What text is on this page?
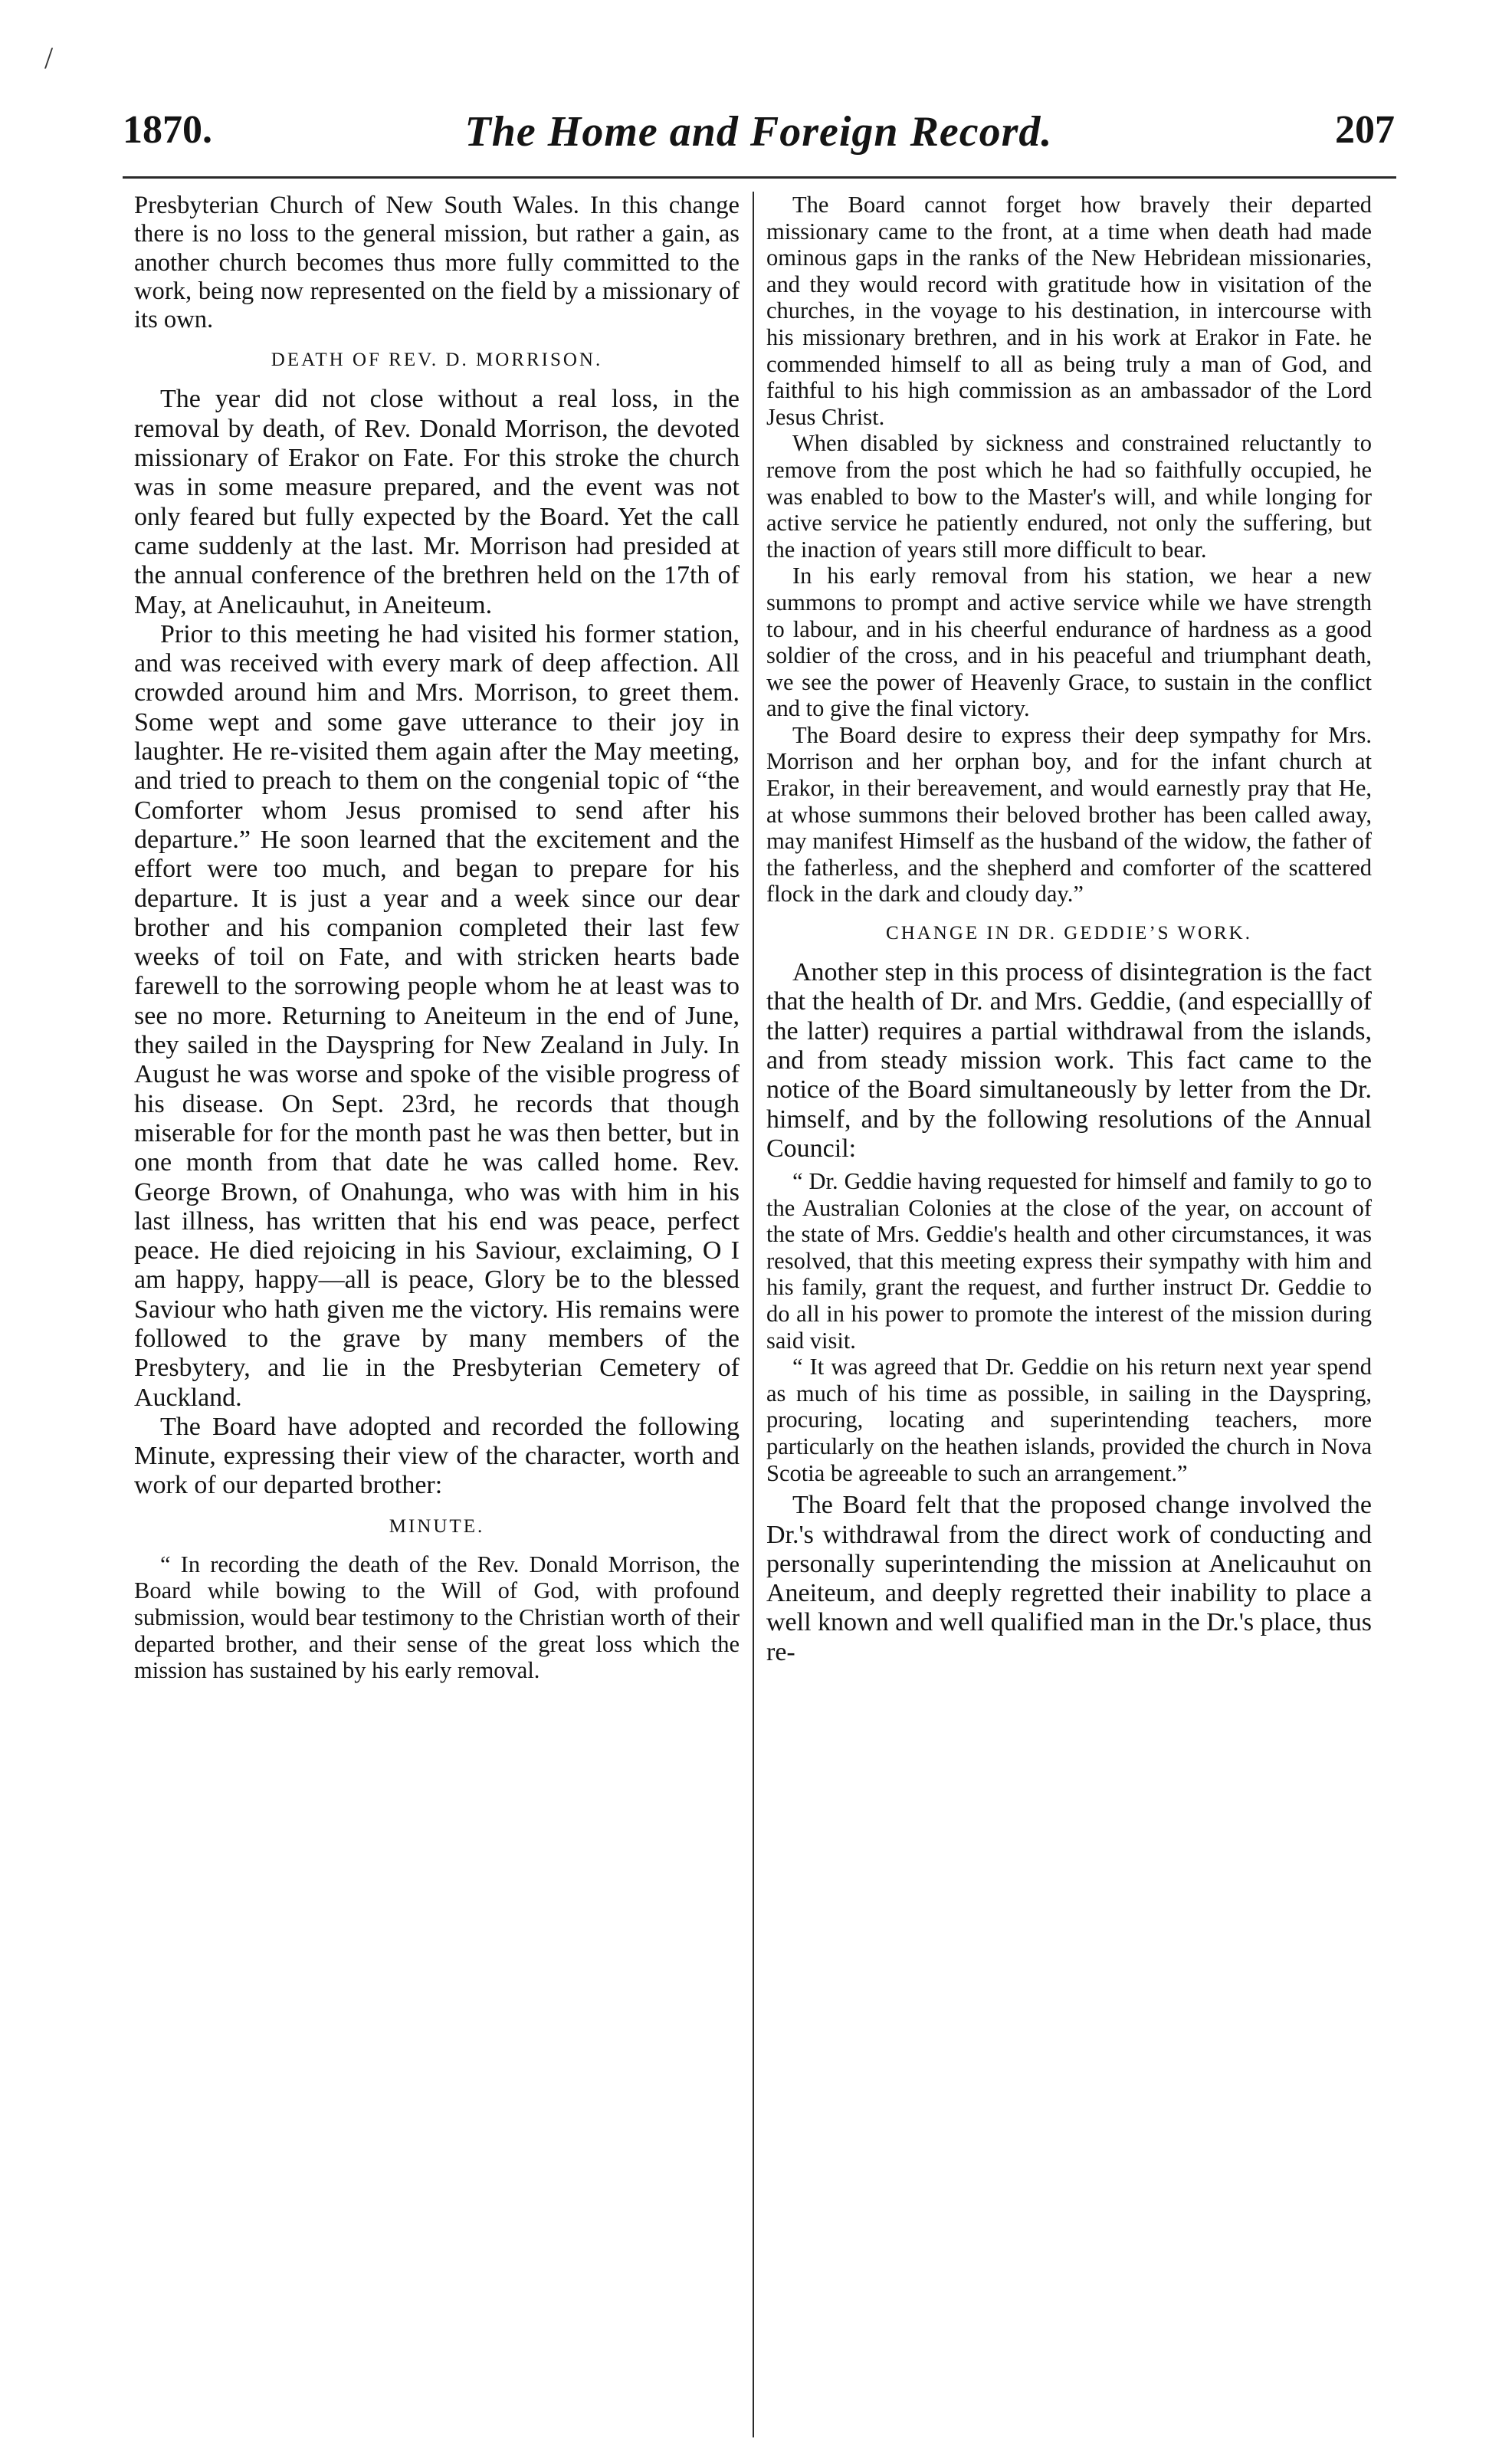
/
1870.	The Home and Foreign Record.	207

Presbyterian Church of New South Wales. In this change there is no loss to the general mission, but rather a gain, as another church becomes thus more fully committed to the work, being now represented on the field by a missionary of its own.

DEATH OF REV. D. MORRISON.

The year did not close without a real loss, in the removal by death, of Rev. Donald Morrison, the devoted missionary of Erakor on Fate. For this stroke the church was in some measure prepared, and the event was not only feared but fully expected by the Board. Yet the call came suddenly at the last. Mr. Morrison had presided at the annual conference of the brethren held on the 17th of May, at Anelicauhut, in Aneiteum.

Prior to this meeting he had visited his former station, and was received with every mark of deep affection. All crowded around him and Mrs. Morrison, to greet them. Some wept and some gave utterance to their joy in laughter. He re-visited them again after the May meeting, and tried to preach to them on the congenial topic of “the Comforter whom Jesus promised to send after his departure.” He soon learned that the excitement and the effort were too much, and began to prepare for his departure. It is just a year and a week since our dear brother and his companion completed their last few weeks of toil on Fate, and with stricken hearts bade farewell to the sorrowing people whom he at least was to see no more. Returning to Aneiteum in the end of June, they sailed in the Dayspring for New Zealand in July. In August he was worse and spoke of the visible progress of his disease. On Sept. 23rd, he records that though miserable for for the month past he was then better, but in one month from that date he was called home. Rev. George Brown, of Onahunga, who was with him in his last illness, has written that his end was peace, perfect peace. He died rejoicing in his Saviour, exclaiming, O I am happy, happy—all is peace, Glory be to the blessed Saviour who hath given me the victory. His remains were followed to the grave by many members of the Presbytery, and lie in the Presbyterian Cemetery of Auckland.

The Board have adopted and recorded the following Minute, expressing their view of the character, worth and work of our departed brother:

MINUTE.

“ In recording the death of the Rev. Donald Morrison, the Board while bowing to the Will of God, with profound submission, would bear testimony to the Christian worth of their departed brother, and their sense of the great loss which the mission has sustained by his early removal.

The Board cannot forget how bravely their departed missionary came to the front, at a time when death had made ominous gaps in the ranks of the New Hebridean missionaries, and they would record with gratitude how in visitation of the churches, in the voyage to his destination, in intercourse with his missionary brethren, and in his work at Erakor in Fate. he commended himself to all as being truly a man of God, and faithful to his high commission as an ambassador of the Lord Jesus Christ.

When disabled by sickness and constrained reluctantly to remove from the post which he had so faithfully occupied, he was enabled to bow to the Master's will, and while longing for active service he patiently endured, not only the suffering, but the inaction of years still more difficult to bear.

In his early removal from his station, we hear a new summons to prompt and active service while we have strength to labour, and in his cheerful endurance of hardness as a good soldier of the cross, and in his peaceful and triumphant death, we see the power of Heavenly Grace, to sustain in the conflict and to give the final victory.

The Board desire to express their deep sympathy for Mrs. Morrison and her orphan boy, and for the infant church at Erakor, in their bereavement, and would earnestly pray that He, at whose summons their beloved brother has been called away, may manifest Himself as the husband of the widow, the father of the fatherless, and the shepherd and comforter of the scattered flock in the dark and cloudy day.”

CHANGE IN DR. GEDDIE’S WORK.

Another step in this process of disintegration is the fact that the health of Dr. and Mrs. Geddie, (and especiallly of the latter) requires a partial withdrawal from the islands, and from steady mission work. This fact came to the notice of the Board simultaneously by letter from the Dr. himself, and by the following resolutions of the Annual Council:

“ Dr. Geddie having requested for himself and family to go to the Australian Colonies at the close of the year, on account of the state of Mrs. Geddie's health and other circumstances, it was resolved, that this meeting express their sympathy with him and his family, grant the request, and further instruct Dr. Geddie to do all in his power to promote the interest of the mission during said visit.

“ It was agreed that Dr. Geddie on his return next year spend as much of his time as possible, in sailing in the Dayspring, procuring, locating and superintending teachers, more particularly on the heathen islands, provided the church in Nova Scotia be agreeable to such an arrangement.”

The Board felt that the proposed change involved the Dr.'s withdrawal from the direct work of conducting and personally superintending the mission at Anelicauhut on Aneiteum, and deeply regretted their inability to place a well known and well qualified man in the Dr.'s place, thus re-
